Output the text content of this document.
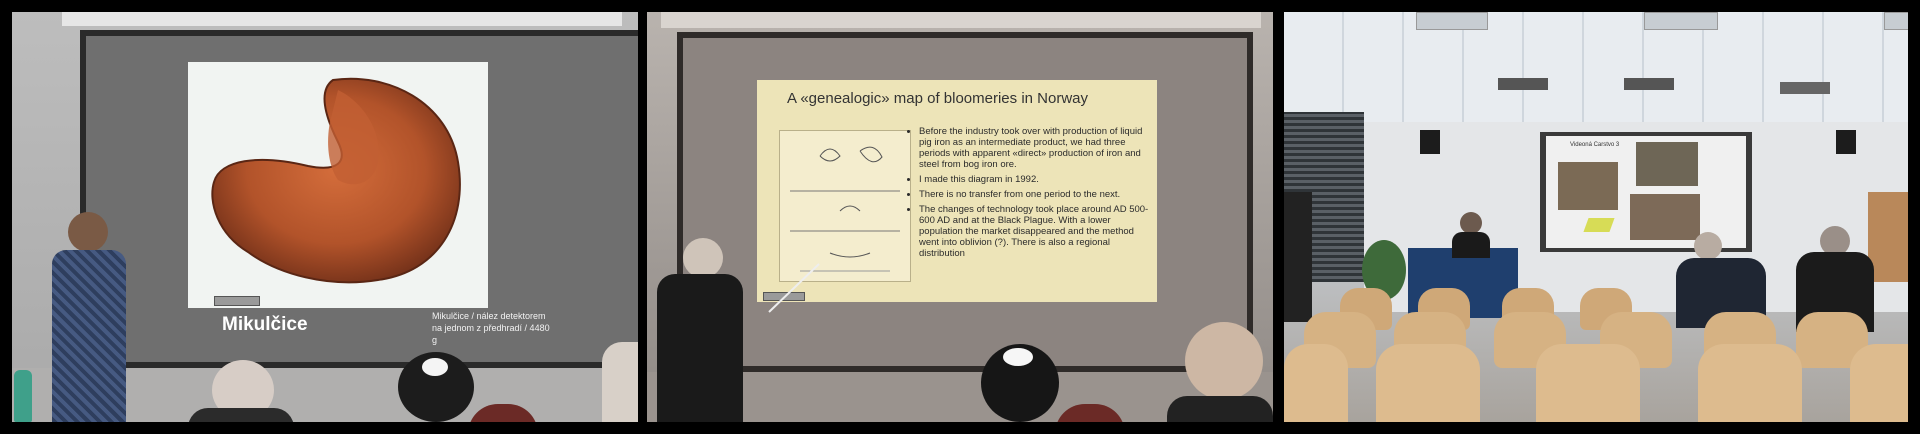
Mikulčice	Mikulčice / nález detektorem na jednom z předhradí / 4480 g
A «genealogic» map of bloomeries in Norway
• Before the industry took over with production of liquid pig iron as an intermediate product, we had three periods with apparent «direct» production of iron and steel from bog iron ore.
• I made this diagram in 1992.
• There is no transfer from one period to the next.
• The changes of technology took place around AD 500-600 AD and at the Black Plague. With a lower population the market disappeared and the method went into oblivion (?). There is also a regional distribution
Videoná Carstvo 3
